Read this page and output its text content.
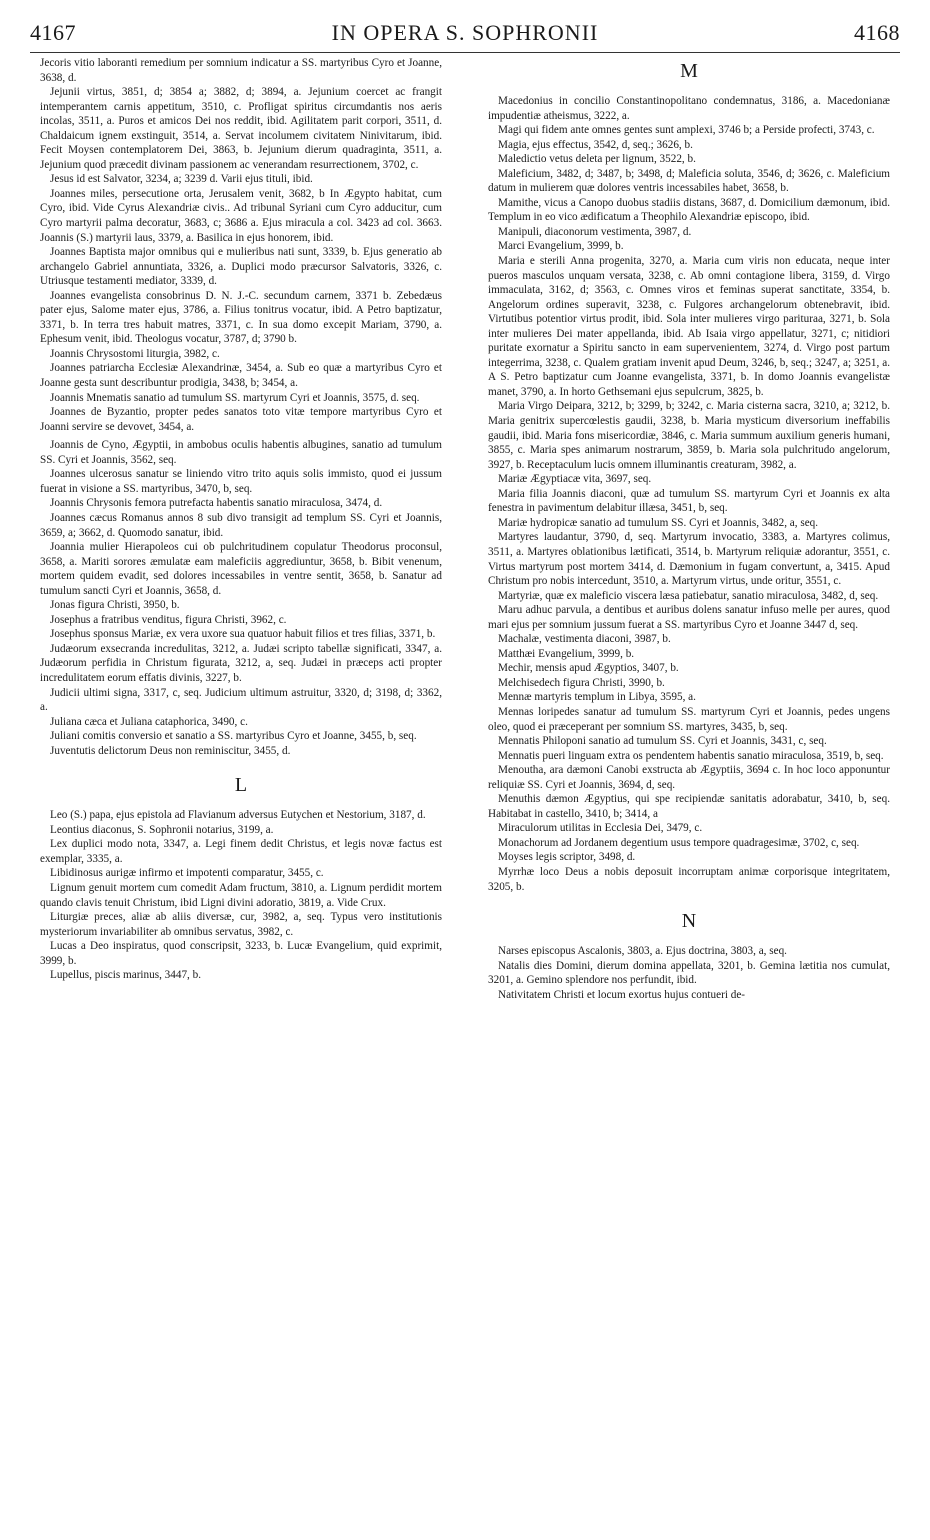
4167	IN OPERA S. SOPHRONII	4168

Jecoris vitio laboranti remedium per somnium indicatur a SS. martyribus Cyro et Joanne, 3638, d.

Jejunii virtus, 3851, d; 3854 a; 3882, d; 3894, a. Jejunium coercet ac frangit intemperantem carnis appetitum, 3510, c. Profligat spiritus circumdantis nos aeris incolas, 3511, a. Puros et amicos Dei nos reddit, ibid. Agilitatem parit corpori, 3511, d. Chaldaicum ignem exstinguit, 3514, a. Servat incolumem civitatem Ninivitarum, ibid. Fecit Moysen contemplatorem Dei, 3863, b. Jejunium dierum quadraginta, 3511, a. Jejunium quod præcedit divinam passionem ac venerandam resurrectionem, 3702, c.

Jesus id est Salvator, 3234, a; 3239 d. Varii ejus tituli, ibid.

Joannes miles, persecutione orta, Jerusalem venit, 3682, b In Ægypto habitat, cum Cyro, ibid. Vide Cyrus Alexandriæ civis.. Ad tribunal Syriani cum Cyro adducitur, cum Cyro martyrii palma decoratur, 3683, c; 3686 a. Ejus miracula a col. 3423 ad col. 3663. Joannis (S.) martyrii laus, 3379, a. Basilica in ejus honorem, ibid.

Joannes Baptista major omnibus qui e mulieribus nati sunt, 3339, b. Ejus generatio ab archangelo Gabriel annuntiata, 3326, a. Duplici modo præcursor Salvatoris, 3326, c. Utriusque testamenti mediator, 3339, d.

Joannes evangelista consobrinus D. N. J.-C. secundum carnem, 3371 b. Zebedæus pater ejus, Salome mater ejus, 3786, a. Filius tonitrus vocatur, ibid. A Petro baptizatur, 3371, b. In terra tres habuit matres, 3371, c. In sua domo excepit Mariam, 3790, a. Ephesum venit, ibid. Theologus vocatur, 3787, d; 3790 b.

Joannis Chrysostomi liturgia, 3982, c.

Joannes patriarcha Ecclesiæ Alexandrinæ, 3454, a. Sub eo quæ a martyribus Cyro et Joanne gesta sunt describuntur prodigia, 3438, b; 3454, a.

Joannis Mnematis sanatio ad tumulum SS. martyrum Cyri et Joannis, 3575, d. seq.

Joannes de Byzantio, propter pedes sanatos toto vitæ tempore martyribus Cyro et Joanni servire se devovet, 3454, a.

Joannis de Cyno, Ægyptii, in ambobus oculis habentis albugines, sanatio ad tumulum SS. Cyri et Joannis, 3562, seq.

Joannes ulcerosus sanatur se liniendo vitro trito aquis solis immisto, quod ei jussum fuerat in visione a SS. martyribus, 3470, b, seq.

Joannis Chrysonis femora putrefacta habentis sanatio miraculosa, 3474, d.

Joannes cæcus Romanus annos 8 sub divo transigit ad templum SS. Cyri et Joannis, 3659, a; 3662, d. Quomodo sanatur, ibid.

Joannia mulier Hierapoleos cui ob pulchritudinem copulatur Theodorus proconsul, 3658, a. Mariti sorores æmulatæ eam maleficiis aggrediuntur, 3658, b. Bibit venenum, mortem quidem evadit, sed dolores incessabiles in ventre sentit, 3658, b. Sanatur ad tumulum sancti Cyri et Joannis, 3658, d.

Jonas figura Christi, 3950, b.

Josephus a fratribus venditus, figura Christi, 3962, c.

Josephus sponsus Mariæ, ex vera uxore sua quatuor habuit filios et tres filias, 3371, b.

Judæorum exsecranda incredulitas, 3212, a. Judæi scripto tabellæ significati, 3347, a. Judæorum perfidia in Christum figurata, 3212, a, seq. Judæi in præceps acti propter incredulitatem eorum effatis divinis, 3227, b.

Judicii ultimi signa, 3317, c, seq. Judicium ultimum astruitur, 3320, d; 3198, d; 3362, a.

Juliana cæca et Juliana cataphorica, 3490, c.

Juliani comitis conversio et sanatio a SS. martyribus Cyro et Joanne, 3455, b, seq.

Juventutis delictorum Deus non reminiscitur, 3455, d.

L

Leo (S.) papa, ejus epistola ad Flavianum adversus Eutychen et Nestorium, 3187, d.

Leontius diaconus, S. Sophronii notarius, 3199, a.

Lex duplici modo nota, 3347, a. Legi finem dedit Christus, et legis novæ factus est exemplar, 3335, a.

Libidinosus aurigæ infirmo et impotenti comparatur, 3455, c.

Lignum genuit mortem cum comedit Adam fructum, 3810, a. Lignum perdidit mortem quando clavis tenuit Christum, ibid Ligni divini adoratio, 3819, a. Vide Crux.

Liturgiæ preces, aliæ ab aliis diversæ, cur, 3982, a, seq. Typus vero institutionis mysteriorum invariabiliter ab omnibus servatus, 3982, c.

Lucas a Deo inspiratus, quod conscripsit, 3233, b. Lucæ Evangelium, quid exprimit, 3999, b.

Lupellus, piscis marinus, 3447, b.

M

Macedonius in concilio Constantinopolitano condemnatus, 3186, a. Macedonianæ impudentiæ atheismus, 3222, a.

Magi qui fidem ante omnes gentes sunt amplexi, 3746 b; a Perside profecti, 3743, c.

Magia, ejus effectus, 3542, d, seq.; 3626, b.

Maledictio vetus deleta per lignum, 3522, b.

Maleficium, 3482, d; 3487, b; 3498, d; Maleficia soluta, 3546, d; 3626, c. Maleficium datum in mulierem quæ dolores ventris incessabiles habet, 3658, b.

Mamithe, vicus a Canopo duobus stadiis distans, 3687, d. Domicilium dæmonum, ibid. Templum in eo vico ædificatum a Theophilo Alexandriæ episcopo, ibid.

Manipuli, diaconorum vestimenta, 3987, d.

Marci Evangelium, 3999, b.

Maria e sterili Anna progenita, 3270, a. Maria cum viris non educata, neque inter pueros masculos unquam versata, 3238, c. Ab omni contagione libera, 3159, d. Virgo immaculata, 3162, d; 3563, c. Omnes viros et feminas superat sanctitate, 3354, b. Angelorum ordines superavit, 3238, c. Fulgores archangelorum obtenebravit, ibid. Virtutibus potentior virtus prodit, ibid. Sola inter mulieres virgo parituraa, 3271, b. Sola inter mulieres Dei mater appellanda, ibid. Ab Isaia virgo appellatur, 3271, c; nitidiori puritate exornatur a Spiritu sancto in eam supervenientem, 3274, d. Virgo post partum integerrima, 3238, c. Qualem gratiam invenit apud Deum, 3246, b, seq.; 3247, a; 3251, a. A S. Petro baptizatur cum Joanne evangelista, 3371, b. In domo Joannis evangelistæ manet, 3790, a. In horto Gethsemani ejus sepulcrum, 3825, b.

Maria Virgo Deipara, 3212, b; 3299, b; 3242, c. Maria cisterna sacra, 3210, a; 3212, b. Maria genitrix supercœlestis gaudii, 3238, b. Maria mysticum diversorium ineffabilis gaudii, ibid. Maria fons misericordiæ, 3846, c. Maria summum auxilium generis humani, 3855, c. Maria spes animarum nostrarum, 3859, b. Maria sola pulchritudo angelorum, 3927, b. Receptaculum lucis omnem illuminantis creaturam, 3982, a.

Mariæ Ægyptiacæ vita, 3697, seq.

Maria filia Joannis diaconi, quæ ad tumulum SS. martyrum Cyri et Joannis ex alta fenestra in pavimentum delabitur illæsa, 3451, b, seq.

Mariæ hydropicæ sanatio ad tumulum SS. Cyri et Joannis, 3482, a, seq.

Martyres laudantur, 3790, d, seq. Martyrum invocatio, 3383, a. Martyres colimus, 3511, a. Martyres oblationibus lætificati, 3514, b. Martyrum reliquiæ adorantur, 3551, c. Virtus martyrum post mortem 3414, d. Dæmonium in fugam convertunt, a, 3415. Apud Christum pro nobis intercedunt, 3510, a. Martyrum virtus, unde oritur, 3551, c.

Martyriæ, quæ ex maleficio viscera læsa patiebatur, sanatio miraculosa, 3482, d, seq.

Maru adhuc parvula, a dentibus et auribus dolens sanatur infuso melle per aures, quod mari ejus per somnium jussum fuerat a SS. martyribus Cyro et Joanne 3447 d, seq.

Machalæ, vestimenta diaconi, 3987, b.

Matthæi Evangelium, 3999, b.

Mechir, mensis apud Ægyptios, 3407, b.

Melchisedech figura Christi, 3990, b.

Mennæ martyris templum in Libya, 3595, a.

Mennas loripedes sanatur ad tumulum SS. martyrum Cyri et Joannis, pedes ungens oleo, quod ei præceperant per somnium SS. martyres, 3435, b, seq.

Mennatis Philoponi sanatio ad tumulum SS. Cyri et Joannis, 3431, c, seq.

Mennatis pueri linguam extra os pendentem habentis sanatio miraculosa, 3519, b, seq.

Menoutha, ara dæmoni Canobi exstructa ab Ægyptiis, 3694 c. In hoc loco apponuntur reliquiæ SS. Cyri et Joannis, 3694, d, seq.

Menuthis dæmon Ægyptius, qui spe recipiendæ sanitatis adorabatur, 3410, b, seq. Habitabat in castello, 3410, b; 3414, a

Miraculorum utilitas in Ecclesia Dei, 3479, c.

Monachorum ad Jordanem degentium usus tempore quadragesimæ, 3702, c, seq.

Moyses legis scriptor, 3498, d.

Myrrhæ loco Deus a nobis deposuit incorruptam animæ corporisque integritatem, 3205, b.

N

Narses episcopus Ascalonis, 3803, a. Ejus doctrina, 3803, a, seq.

Natalis dies Domini, dierum domina appellata, 3201, b. Gemina lætitia nos cumulat, 3201, a. Gemino splendore nos perfundit, ibid.

Nativitatem Christi et locum exortus hujus contueri de-
